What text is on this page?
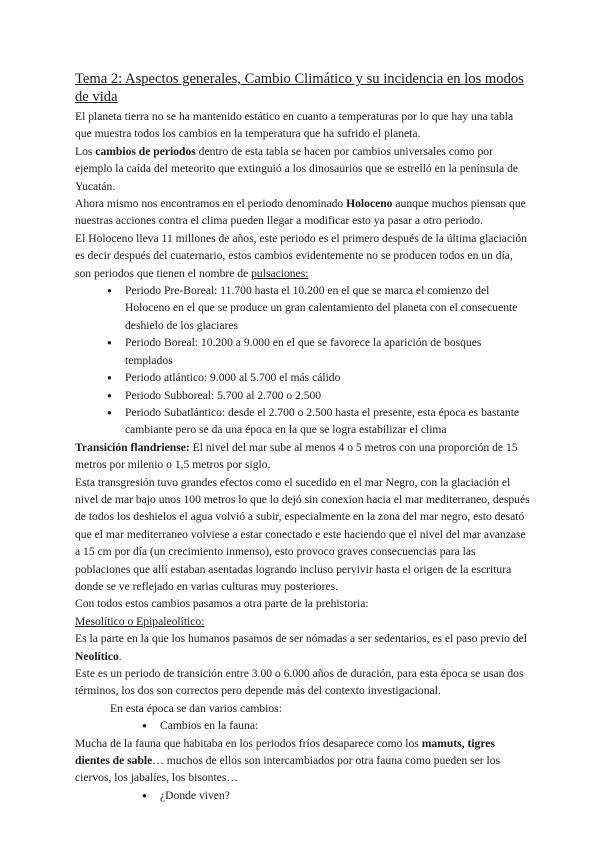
Tema 2: Aspectos generales, Cambio Climático y su incidencia en los modos de vida

El planeta tierra no se ha mantenido estático en cuanto a temperaturas por lo que hay una tabla que muestra todos los cambios en la temperatura que ha sufrido el planeta.

Los cambios de periodos dentro de esta tabla se hacen por cambios universales como por ejemplo la caída del meteorito que extinguió a los dinosaurios que se estrelló en la península de Yucatán.

Ahora mismo nos encontramos en el periodo denominado Holoceno aunque muchos piensan que nuestras acciones contra el clima pueden llegar a modificar esto ya pasar a otro periodo.

El Holoceno lleva 11 millones de años, este periodo es el primero después de la última glaciación es decir después del cuaternario, estos cambios evidentemente no se producen todos en un día, son periodos que tienen el nombre de pulsaciones:

● Periodo Pre-Boreal: 11.700 hasta el 10.200 en el que se marca el comienzo del Holoceno en el que se produce un gran calentamiento del planeta con el consecuente deshielo de los glaciares
● Periodo Boreal: 10.200 a 9.000 en el que se favorece la aparición de bosques templados
● Periodo atlántico: 9.000 al 5.700 el más cálido
● Periodo Subboreal: 5.700 al 2.700 o 2.500
● Periodo Subatlántico: desde el 2.700 o 2.500 hasta el presente, esta época es bastante cambiante pero se da una época en la que se logra estabilizar el clima

Transición flandriense: El nivel del mar sube al menos 4 o 5 metros con una proporción de 15 metros por milenio o 1,5 metros por siglo.

Esta transgresión tuvo grandes efectos como el sucedido en el mar Negro, con la glaciación el nivel de mar bajo unos 100 metros lo que lo dejó sin conexion hacia el mar mediterraneo, después de todos los deshielos el agua volvió a subir, especialmente en la zona del mar negro, esto desató que el mar mediterraneo volviese a estar conectado e este haciendo que el nivel del mar avanzase a 15 cm por día (un crecimiento inmenso), esto provoco graves consecuencias para las poblaciones que allí estaban asentadas logrando incluso pervivir hasta el origen de la escritura donde se ve reflejado en varias culturas muy posteriores.

Con todos estos cambios pasamos a otra parte de la prehistoria:

Mesolítico o Epipaleolítico:

Es la parte en la que los humanos pasamos de ser nómadas a ser sedentarios, es el paso previo del Neolítico.

Este es un periodo de transición entre 3.00 o 6.000 años de duración, para esta época se usan dos términos, los dos son correctos pero depende más del contexto investigacional.

En esta época se dan varios cambios:

● Cambios en la fauna:

Mucha de la fauna que habitaba en los periodos fríos desaparece como los mamuts, tigres dientes de sable… muchos de ellos son intercambiados por otra fauna como pueden ser los ciervos, los jabalíes, los bisontes…

● ¿Donde viven?
